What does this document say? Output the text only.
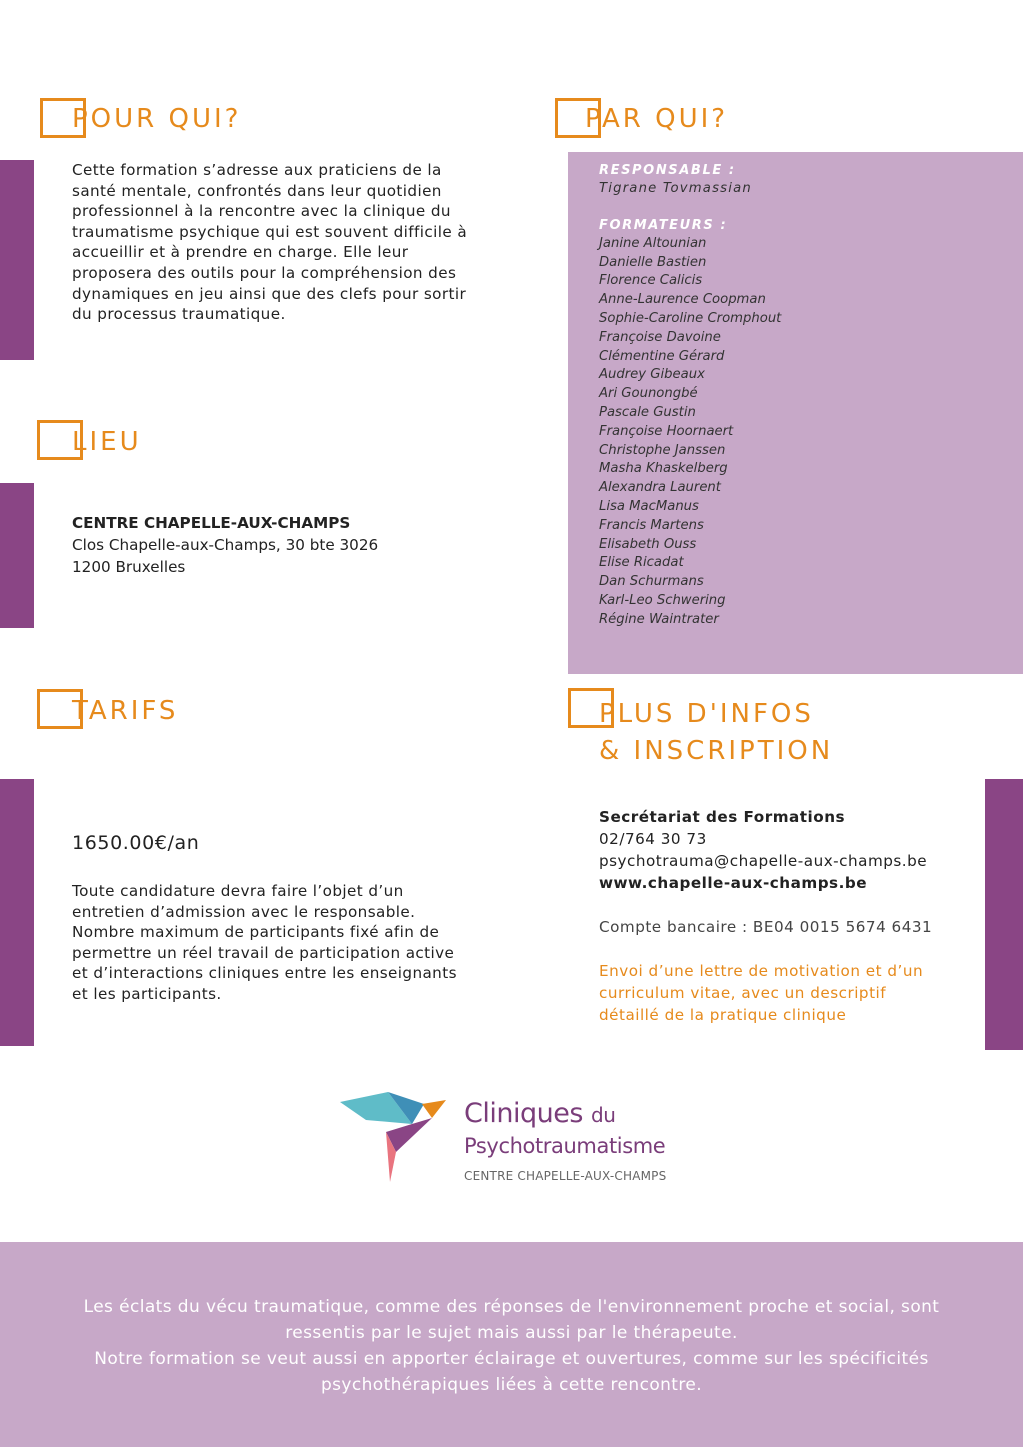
POUR QUI?
Cette formation s’adresse aux praticiens de la santé mentale, confrontés dans leur quotidien professionnel à la rencontre avec la clinique du traumatisme psychique qui est souvent difficile à accueillir et à prendre en charge. Elle leur proposera des outils pour la compréhension des dynamiques en jeu ainsi que des clefs pour sortir du processus traumatique.
PAR QUI?
RESPONSABLE :
Tigrane Tovmassian
FORMATEURS :
Janine Altounian
Danielle Bastien
Florence Calicis
Anne-Laurence Coopman
Sophie-Caroline Cromphout
Françoise Davoine
Clémentine Gérard
Audrey Gibeaux
Ari Gounongbé
Pascale Gustin
Françoise Hoornaert
Christophe Janssen
Masha Khaskelberg
Alexandra Laurent
Lisa MacManus
Francis Martens
Elisabeth Ouss
Elise Ricadat
Dan Schurmans
Karl-Leo Schwering
Régine Waintrater
LIEU
CENTRE CHAPELLE-AUX-CHAMPS
Clos Chapelle-aux-Champs, 30 bte 3026
1200 Bruxelles
TARIFS
1650.00€/an
Toute candidature devra faire l’objet d’un entretien d’admission avec le responsable. Nombre maximum de participants fixé afin de permettre un réel travail de participation active et d’interactions cliniques entre les enseignants et les participants.
PLUS D'INFOS
& INSCRIPTION
Secrétariat des Formations
02/764 30 73
psychotrauma@chapelle-aux-champs.be
www.chapelle-aux-champs.be
Compte bancaire : BE04 0015 5674 6431
Envoi d’une lettre de motivation et d’un curriculum vitae, avec un descriptif détaillé de la pratique clinique
Cliniques du
Psychotraumatisme
CENTRE CHAPELLE-AUX-CHAMPS
Les éclats du vécu traumatique, comme des réponses de l'environnement proche et social, sont ressentis par le sujet mais aussi par le thérapeute.
Notre formation se veut aussi en apporter éclairage et ouvertures, comme sur les spécificités psychothérapiques liées à cette rencontre.
